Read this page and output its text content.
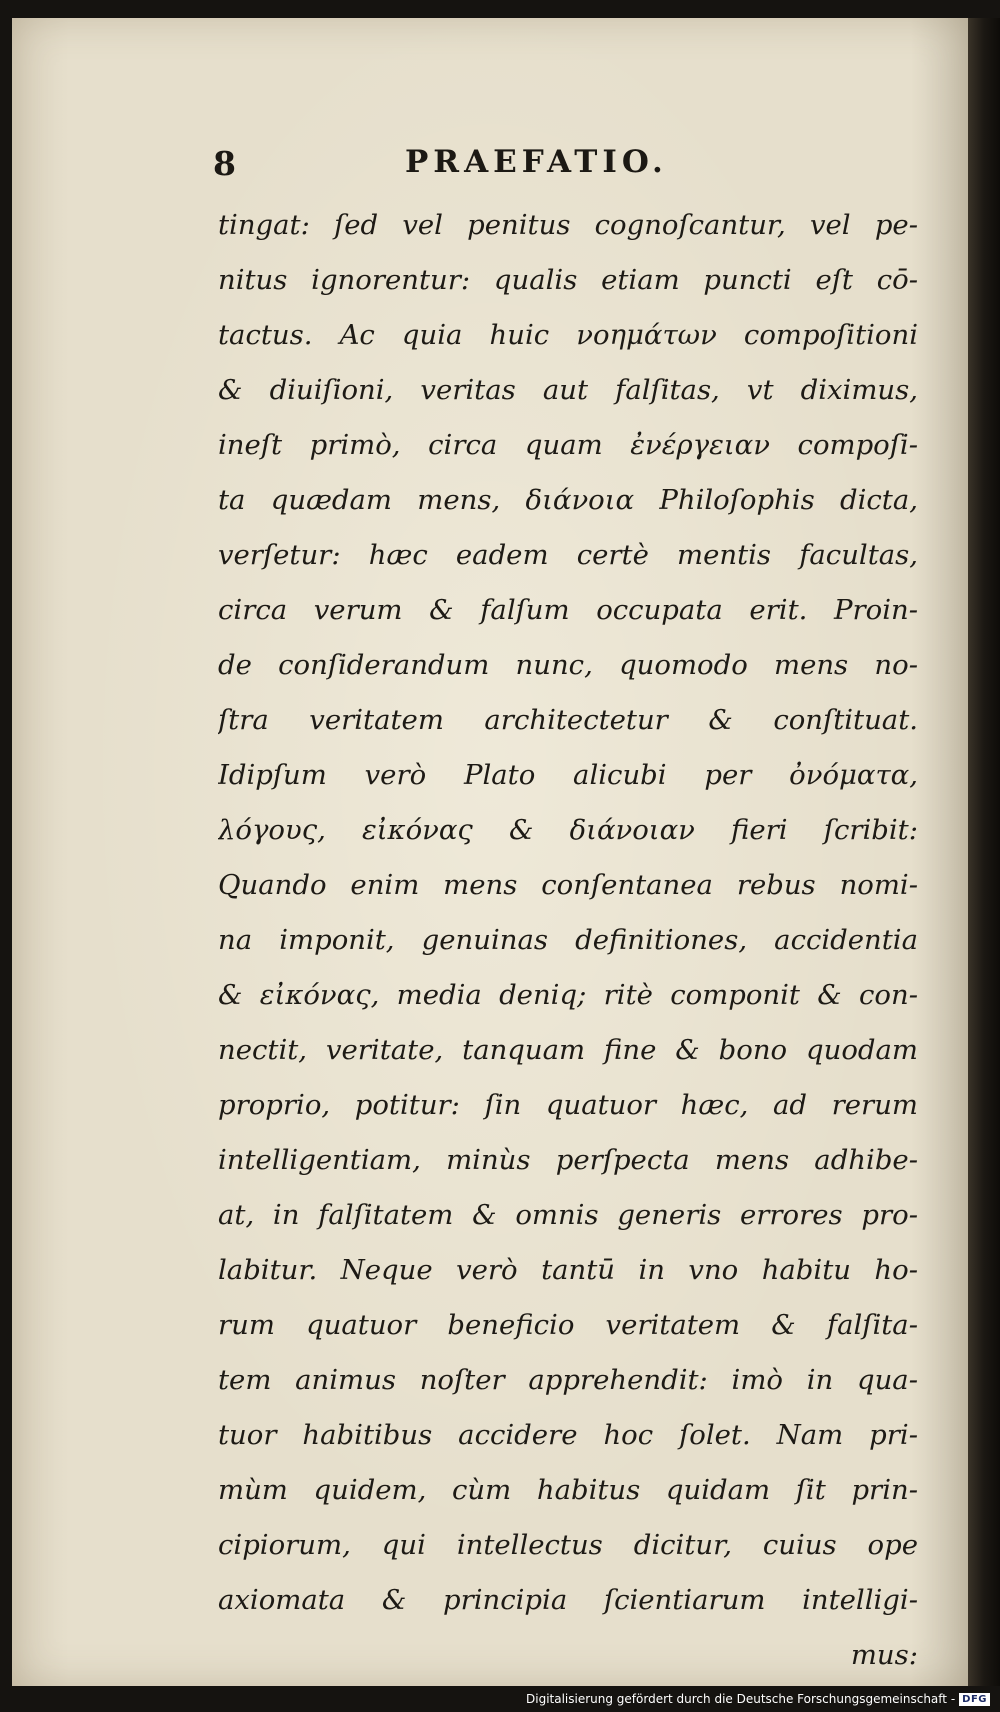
8	PRAEFATIO.
tingat: ſed vel penitus cognoſcantur, vel pe-
nitus ignorentur: qualis etiam puncti eſt cō-
tactus. Ac quia huic νοημάτων compoſitioni
& diuiſioni, veritas aut falſitas, vt diximus,
ineſt primò, circa quam ἐνέργειαν compoſi-
ta quædam mens, διάνοια Philoſophis dicta,
verſetur: hæc eadem certè mentis facultas,
circa verum & falſum occupata erit. Proin-
de conſiderandum nunc, quomodo mens no-
ſtra veritatem architectetur & conſtituat.
Idipſum verò Plato alicubi per ὀνόματα,
λόγους, εἰκόνας & διάνοιαν fieri ſcribit:
Quando enim mens conſentanea rebus nomi-
na imponit, genuinas definitiones, accidentia
& εἰκόνας, media deniq; ritè componit & con-
nectit, veritate, tanquam fine & bono quodam
proprio, potitur: ſin quatuor hæc, ad rerum
intelligentiam, minùs perſpecta mens adhibe-
at, in falſitatem & omnis generis errores pro-
labitur. Neque verò tantū in vno habitu ho-
rum quatuor beneficio veritatem & falſita-
tem animus noſter apprehendit: imò in qua-
tuor habitibus accidere hoc ſolet. Nam pri-
mùm quidem, cùm habitus quidam ſit prin-
cipiorum, qui intellectus dicitur, cuius ope
axiomata & principia ſcientiarum intelligi-
mus:
Digitalisierung gefördert durch die Deutsche Forschungsgemeinschaft - DFG
